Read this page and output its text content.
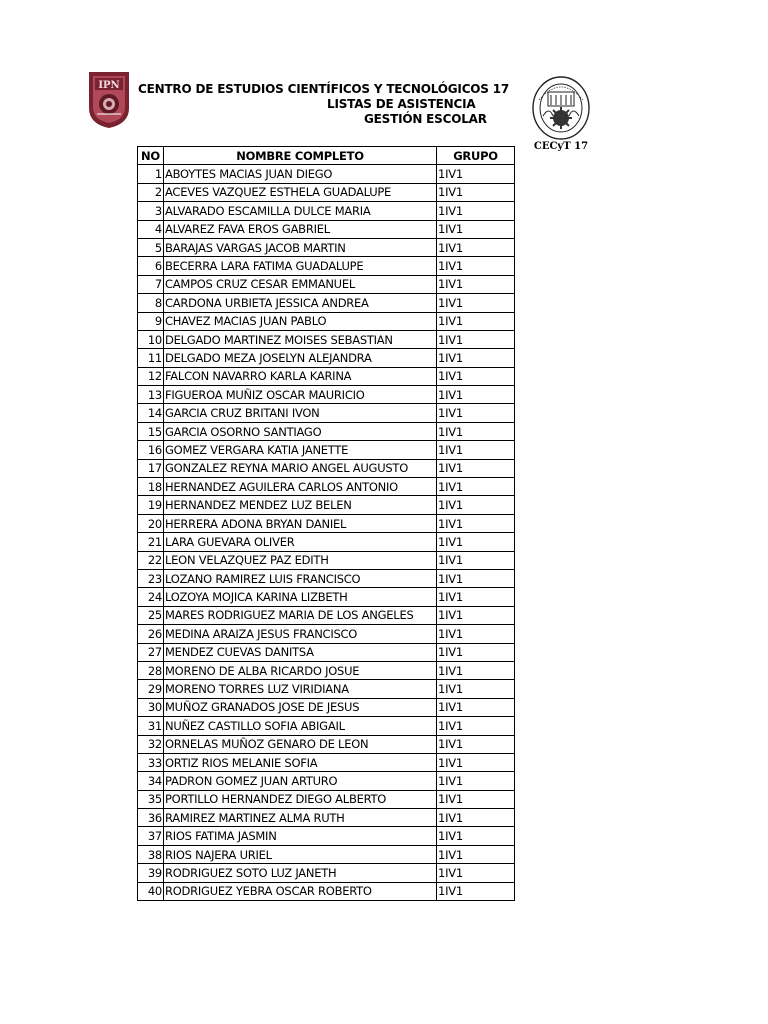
IPN CENTRO DE ESTUDIOS CIENTÍFICOS Y TECNOLÓGICOS 17
LISTAS DE ASISTENCIA
GESTIÓN ESCOLAR
CECyT 17
NO	NOMBRE COMPLETO	GRUPO
1	ABOYTES MACIAS JUAN DIEGO	1IV1
2	ACEVES VAZQUEZ ESTHELA GUADALUPE	1IV1
3	ALVARADO ESCAMILLA DULCE MARIA	1IV1
4	ALVAREZ FAVA EROS GABRIEL	1IV1
5	BARAJAS VARGAS JACOB MARTIN	1IV1
6	BECERRA LARA FATIMA GUADALUPE	1IV1
7	CAMPOS CRUZ CESAR EMMANUEL	1IV1
8	CARDONA URBIETA JESSICA ANDREA	1IV1
9	CHAVEZ MACIAS JUAN PABLO	1IV1
10	DELGADO MARTINEZ MOISES SEBASTIAN	1IV1
11	DELGADO MEZA JOSELYN ALEJANDRA	1IV1
12	FALCON NAVARRO KARLA KARINA	1IV1
13	FIGUEROA MUÑIZ OSCAR MAURICIO	1IV1
14	GARCIA CRUZ BRITANI IVON	1IV1
15	GARCIA OSORNO SANTIAGO	1IV1
16	GOMEZ VERGARA KATIA JANETTE	1IV1
17	GONZALEZ REYNA MARIO ANGEL AUGUSTO	1IV1
18	HERNANDEZ AGUILERA CARLOS ANTONIO	1IV1
19	HERNANDEZ MENDEZ LUZ BELEN	1IV1
20	HERRERA ADONA BRYAN DANIEL	1IV1
21	LARA GUEVARA OLIVER	1IV1
22	LEON VELAZQUEZ PAZ EDITH	1IV1
23	LOZANO RAMIREZ LUIS FRANCISCO	1IV1
24	LOZOYA MOJICA KARINA LIZBETH	1IV1
25	MARES RODRIGUEZ MARIA DE LOS ANGELES	1IV1
26	MEDINA ARAIZA JESUS FRANCISCO	1IV1
27	MENDEZ CUEVAS DANITSA	1IV1
28	MORENO DE ALBA RICARDO JOSUE	1IV1
29	MORENO TORRES LUZ VIRIDIANA	1IV1
30	MUÑOZ GRANADOS JOSE DE JESUS	1IV1
31	NUÑEZ CASTILLO SOFIA ABIGAIL	1IV1
32	ORNELAS MUÑOZ GENARO DE LEON	1IV1
33	ORTIZ RIOS MELANIE SOFIA	1IV1
34	PADRON GOMEZ JUAN ARTURO	1IV1
35	PORTILLO HERNANDEZ DIEGO ALBERTO	1IV1
36	RAMIREZ MARTINEZ ALMA RUTH	1IV1
37	RIOS FATIMA JASMIN	1IV1
38	RIOS NAJERA URIEL	1IV1
39	RODRIGUEZ SOTO LUZ JANETH	1IV1
40	RODRIGUEZ YEBRA OSCAR ROBERTO	1IV1
